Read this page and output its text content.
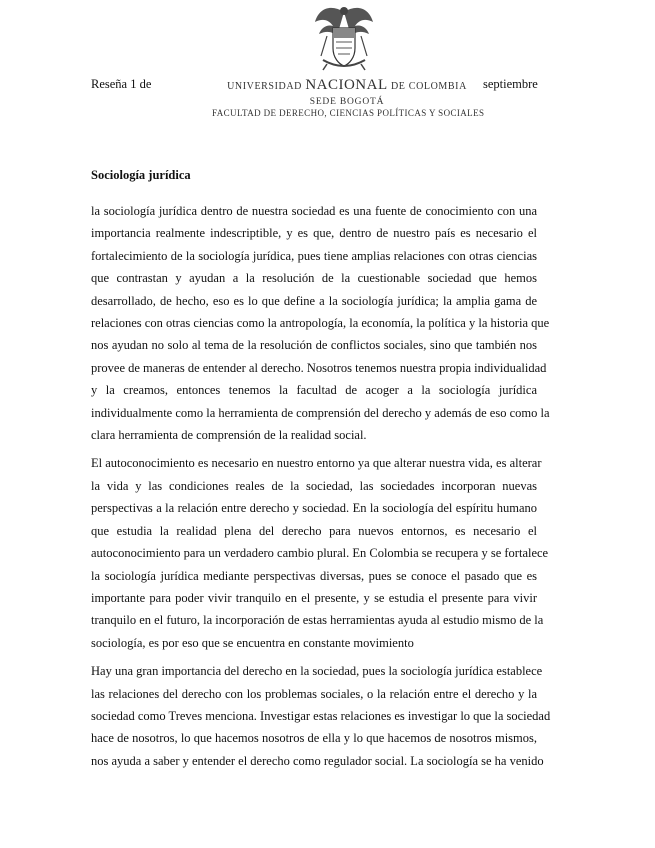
Reseña 1 de	UNIVERSIDAD NACIONAL DE COLOMBIA
SEDE BOGOTÁ
FACULTAD DE DERECHO, CIENCIAS POLÍTICAS Y SOCIALES
septiembre
Sociología jurídica
la sociología jurídica dentro de nuestra sociedad es una fuente de conocimiento con una
importancia realmente indescriptible, y es que, dentro de nuestro país es necesario el
fortalecimiento de la sociología jurídica, pues tiene amplias relaciones con otras ciencias
que contrastan y ayudan a la resolución de la cuestionable sociedad que hemos
desarrollado, de hecho, eso es lo que define a la sociología jurídica; la amplia gama de
relaciones con otras ciencias como la antropología, la economía, la política y la historia que
nos ayudan no solo al tema de la resolución de conflictos sociales, sino que también nos
provee de maneras de entender al derecho. Nosotros tenemos nuestra propia individualidad
y la creamos, entonces tenemos la facultad de acoger a la sociología jurídica
individualmente como la herramienta de comprensión del derecho y además de eso como la
clara herramienta de comprensión de la realidad social.
El autoconocimiento es necesario en nuestro entorno ya que alterar nuestra vida, es alterar
la vida y las condiciones reales de la sociedad, las sociedades incorporan nuevas
perspectivas a la relación entre derecho y sociedad. En la sociología del espíritu humano
que estudia la realidad plena del derecho para nuevos entornos, es necesario el
autoconocimiento para un verdadero cambio plural. En Colombia se recupera y se fortalece
la sociología jurídica mediante perspectivas diversas, pues se conoce el pasado que es
importante para poder vivir tranquilo en el presente, y se estudia el presente para vivir
tranquilo en el futuro, la incorporación de estas herramientas ayuda al estudio mismo de la
sociología, es por eso que se encuentra en constante movimiento
Hay una gran importancia del derecho en la sociedad, pues la sociología jurídica establece
las relaciones del derecho con los problemas sociales, o la relación entre el derecho y la
sociedad como Treves menciona. Investigar estas relaciones es investigar lo que la sociedad
hace de nosotros, lo que hacemos nosotros de ella y lo que hacemos de nosotros mismos,
nos ayuda a saber y entender el derecho como regulador social. La sociología se ha venido
